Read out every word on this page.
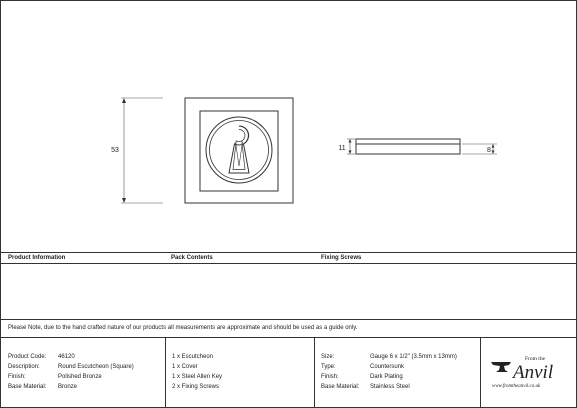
53	11	8
Product Information	Pack Contents	Fixing Screws
Please Note, due to the hand crafted nature of our products all measurements are approximate and should be used as a guide only.
Product Code: 46120
Description:	Round Escutcheon (Square)
Finish:	Polished Bronze
Base Material: Bronze
1 x Escutcheon
1 x Cover
1 x Steel Allen Key
2 x Fixing Screws
Size:	Gauge 6 x 1/2" (3.5mm x 13mm)
Type:	Countersunk
Finish:	Dark Plating
Base Material: Stainless Steel
From the
Anvil
www.fromtheanvil.co.uk
